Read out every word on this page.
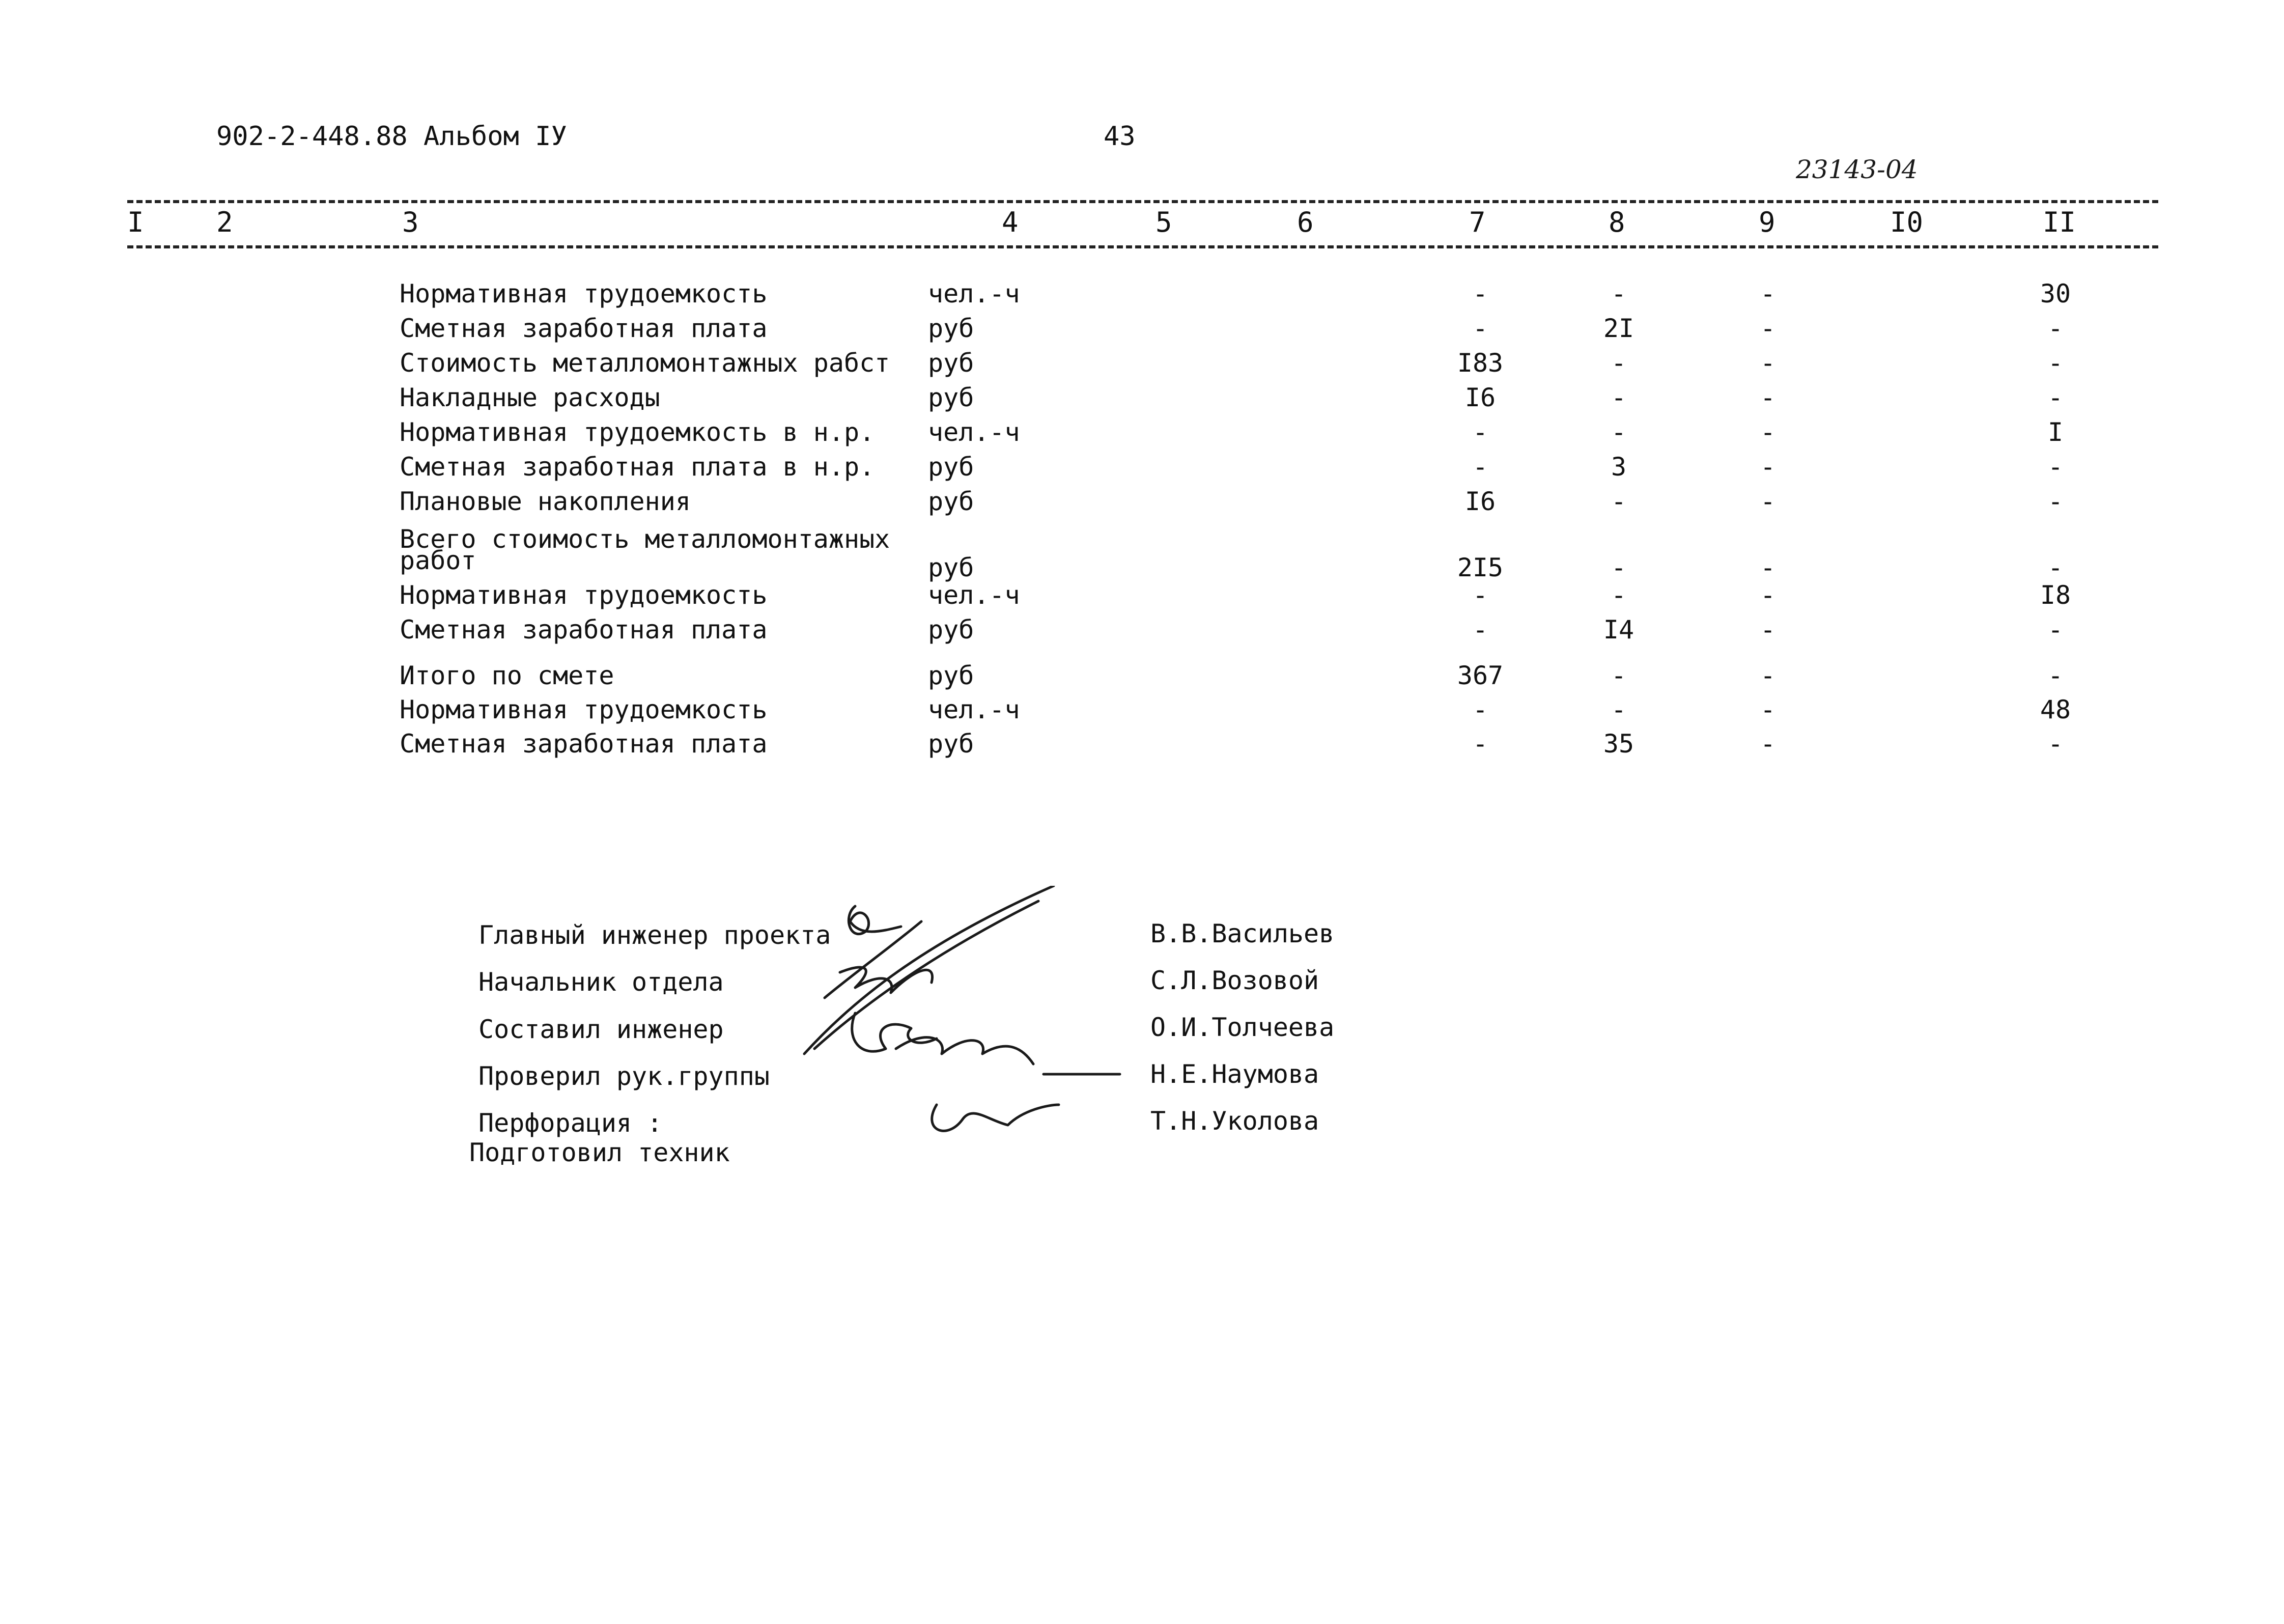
902-2-448.88 Альбом IУ	43
23143-04
I	2	3	4	5	6	7	8	9	I0	II
Нормативная трудоемкость	чел.-ч	-	-	-	30
Сметная заработная плата	руб	-	2I	-	-
Стоимость металломонтажных рабст руб	I83	-	-	-
Накладные расходы	руб	I6	-	-	-
Нормативная трудоемкость в н.р. чел.-ч	-	-	-	I
Сметная заработная плата в н.р. руб	-	3	-	-
Плановые накопления	руб	I6	-	-	-
Всего стоимость металломонтажных
работ	руб	2I5	-	-	-
Нормативная трудоемкость	чел.-ч	-	-	-	I8
Сметная заработная плата	руб	-	I4	-	-
Итого по смете	руб	367	-	-	-
Нормативная трудоемкость	чел.-ч	-	-	-	48
Сметная заработная плата	руб	-	35	-	-
Главный инженер проекта	В.В.Васильев
Начальник отдела	С.Л.Возовой
Составил инженер	О.И.Толчеева
Проверил рук.группы	Н.Е.Наумова
Перфорация :	Т.Н.Уколова
Подготовил техник
